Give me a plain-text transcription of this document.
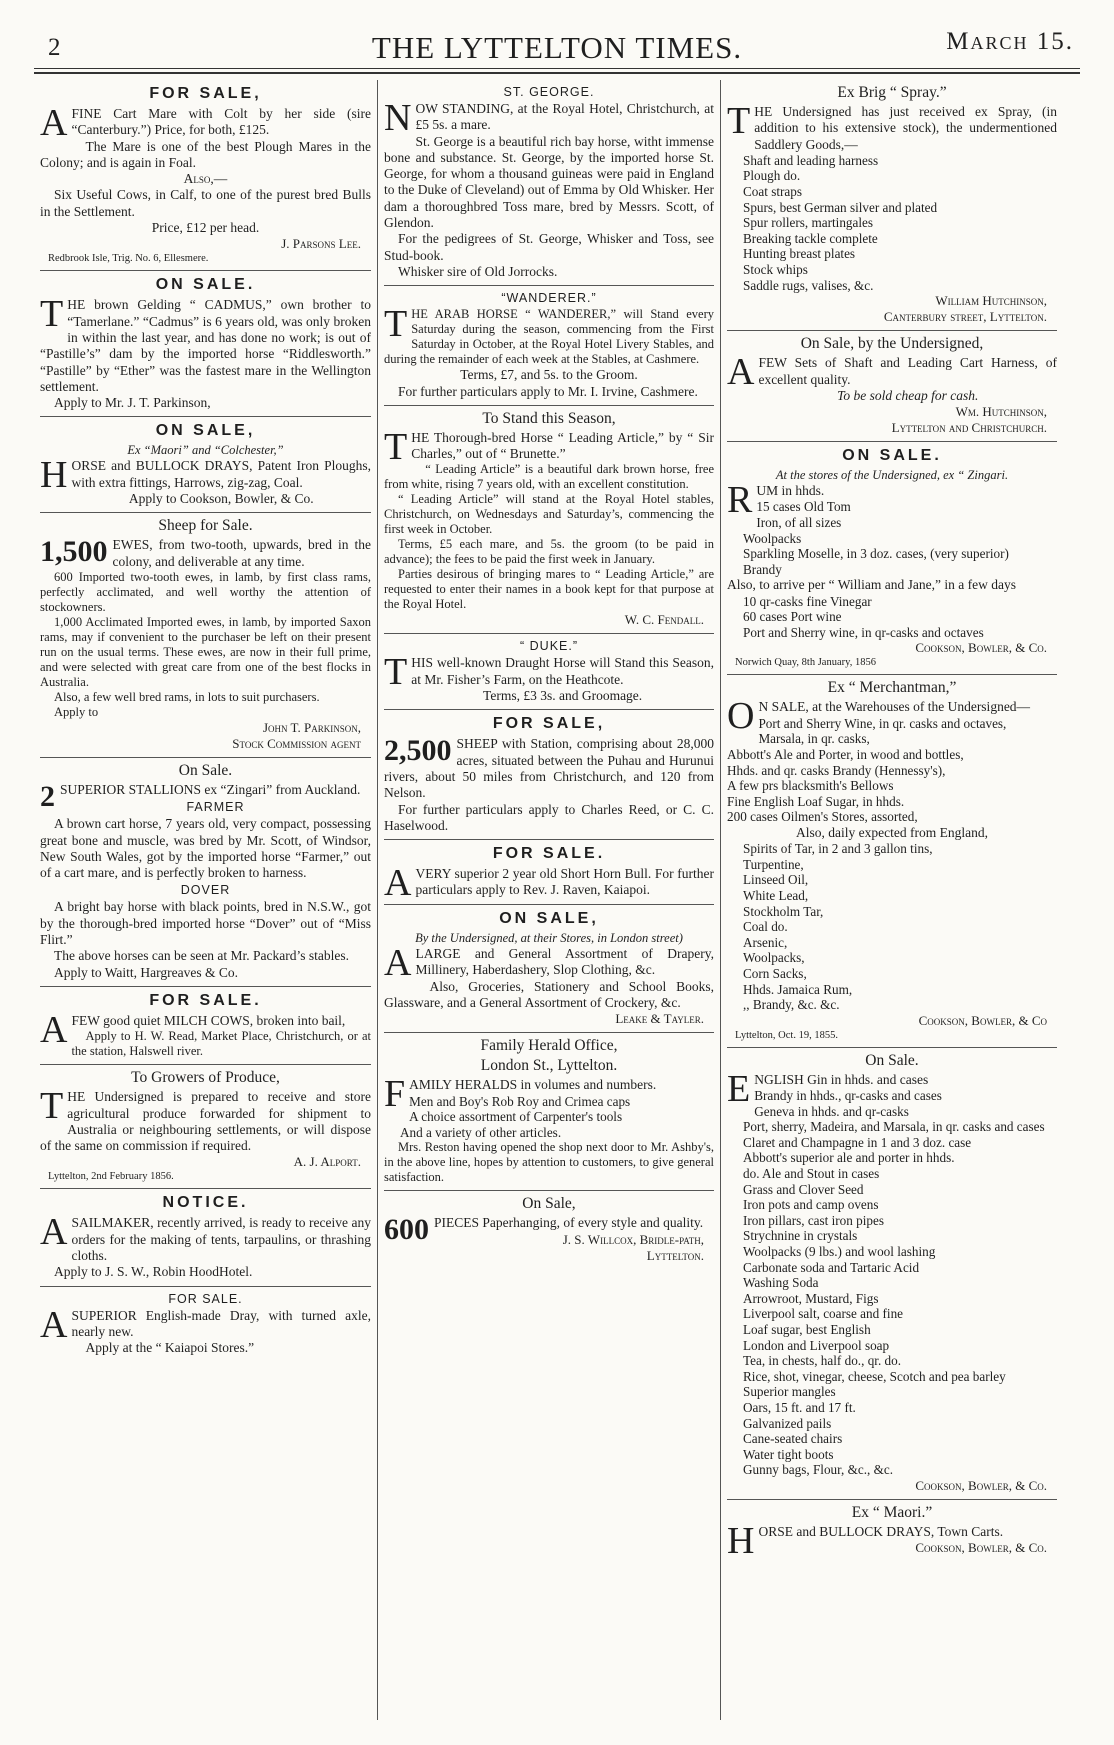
2	THE LYTTELTON TIMES.	March 15.
FOR SALE,

AFINE Cart Mare with Colt by her side (sire “Canterbury.”) Price, for both, £125.

The Mare is one of the best Plough Mares in the Colony; and is again in Foal.

Also,—

Six Useful Cows, in Calf, to one of the purest bred Bulls in the Settlement.

Price, £12 per head.

J. Parsons Lee.
Redbrook Isle, Trig. No. 6, Ellesmere.
ON SALE.

THE brown Gelding “ CADMUS,” own brother to “Tamerlane.” “Cadmus” is 6 years old, was only broken in within the last year, and has done no work; is out of “Pastille’s” dam by the imported horse “Riddlesworth.” “Pastille” by “Ether” was the fastest mare in the Wellington settlement.

Apply to Mr. J. T. Parkinson,

ON SALE,
Ex “Maori” and “Colchester,”

HORSE and BULLOCK DRAYS, Patent Iron Ploughs, with extra fittings, Harrows, zig-zag, Coal.

Apply to Cookson, Bowler, & Co.

Sheep for Sale.

1,500 EWES, from two-tooth, upwards, bred in the colony, and deliverable at any time.

600 Imported two-tooth ewes, in lamb, by first class rams, perfectly acclimated, and well worthy the attention of stockowners.

1,000 Acclimated Imported ewes, in lamb, by imported Saxon rams, may if convenient to the purchaser be left on their present run on the usual terms. These ewes, are now in their full prime, and were selected with great care from one of the best flocks in Australia.

Also, a few well bred rams, in lots to suit purchasers.

Apply to

John T. Parkinson,
Stock Commission agent
On Sale.

2 SUPERIOR STALLIONS ex “Zingari” from Auckland.

FARMER

A brown cart horse, 7 years old, very compact, possessing great bone and muscle, was bred by Mr. Scott, of Windsor, New South Wales, got by the imported horse “Farmer,” out of a cart mare, and is perfectly broken to harness.

DOVER

A bright bay horse with black points, bred in N.S.W., got by the thorough-bred imported horse “Dover” out of “Miss Flirt.”

The above horses can be seen at Mr. Packard’s stables.

Apply to Waitt, Hargreaves & Co.

FOR SALE.

AFEW good quiet MILCH COWS, broken into bail,

Apply to H. W. Read, Market Place, Christchurch, or at the station, Halswell river.

To Growers of Produce,

THE Undersigned is prepared to receive and store agricultural produce forwarded for shipment to Australia or neighbouring settlements, or will dispose of the same on commission if required.

A. J. Alport.
Lyttelton, 2nd February 1856.
NOTICE.

ASAILMAKER, recently arrived, is ready to receive any orders for the making of tents, tarpaulins, or thrashing cloths.

Apply to J. S. W., Robin HoodHotel.

FOR SALE.

ASUPERIOR English-made Dray, with turned axle, nearly new.

Apply at the “ Kaiapoi Stores.”

ST. GEORGE.

NOW STANDING, at the Royal Hotel, Christchurch, at £5 5s. a mare.

St. George is a beautiful rich bay horse, witht immense bone and substance. St. George, by the imported horse St. George, for whom a thousand guineas were paid in England to the Duke of Cleveland) out of Emma by Old Whisker. Her dam a thoroughbred Toss mare, bred by Messrs. Scott, of Glendon.

For the pedigrees of St. George, Whisker and Toss, see Stud-book.

Whisker sire of Old Jorrocks.

“WANDERER.”

THE ARAB HORSE “ WANDERER,” will Stand every Saturday during the season, commencing from the First Saturday in October, at the Royal Hotel Livery Stables, and during the remainder of each week at the Stables, at Cashmere.

Terms, £7, and 5s. to the Groom.

For further particulars apply to Mr. I. Irvine, Cashmere.

To Stand this Season,

THE Thorough-bred Horse “ Leading Article,” by “ Sir Charles,” out of “ Brunette.”

“ Leading Article” is a beautiful dark brown horse, free from white, rising 7 years old, with an excellent constitution.

“ Leading Article” will stand at the Royal Hotel stables, Christchurch, on Wednesdays and Saturday’s, commencing the first week in October.

Terms, £5 each mare, and 5s. the groom (to be paid in advance); the fees to be paid the first week in January.

Parties desirous of bringing mares to “ Leading Article,” are requested to enter their names in a book kept for that purpose at the Royal Hotel.

W. C. Fendall.
“ DUKE.”

THIS well-known Draught Horse will Stand this Season, at Mr. Fisher’s Farm, on the Heathcote.

Terms, £3 3s. and Groomage.

FOR SALE,

2,500 SHEEP with Station, comprising about 28,000 acres, situated between the Puhau and Hurunui rivers, about 50 miles from Christchurch, and 120 from Nelson.

For further particulars apply to Charles Reed, or C. C. Haselwood.

FOR SALE.

AVERY superior 2 year old Short Horn Bull. For further particulars apply to Rev. J. Raven, Kaiapoi.

ON SALE,
By the Undersigned, at their Stores, in London street)

ALARGE and General Assortment of Drapery, Millinery, Haberdashery, Slop Clothing, &c.

Also, Groceries, Stationery and School Books, Glassware, and a General Assortment of Crockery, &c.

Leake & Tayler.
Family Herald Office,
London St., Lyttelton.

FAMILY HERALDS in volumes and numbers.

Men and Boy's Rob Roy and Crimea caps
A choice assortment of Carpenter's tools
And a variety of other articles.

Mrs. Reston having opened the shop next door to Mr. Ashby's, in the above line, hopes by attention to customers, to give general satisfaction.

On Sale,

600 PIECES Paperhanging, of every style and quality.

J. S. Willcox, Bridle-path,
Lyttelton.
Ex Brig “ Spray.”

THE Undersigned has just received ex Spray, (in addition to his extensive stock), the undermentioned Saddlery Goods,—

Shaft and leading harness
Plough do.
Coat straps
Spurs, best German silver and plated
Spur rollers, martingales
Breaking tackle complete
Hunting breast plates
Stock whips
Saddle rugs, valises, &c.
William Hutchinson,
Canterbury street, Lyttelton.
On Sale, by the Undersigned,

AFEW Sets of Shaft and Leading Cart Harness, of excellent quality.

To be sold cheap for cash.

Wm. Hutchinson,
Lyttelton and Christchurch.
ON SALE.
At the stores of the Undersigned, ex “ Zingari.

RUM in hhds.

15 cases Old Tom
Iron, of all sizes
Woolpacks
Sparkling Moselle, in 3 doz. cases, (very superior)
Brandy

Also, to arrive per “ William and Jane,” in a few days

10 qr-casks fine Vinegar
60 cases Port wine
Port and Sherry wine, in qr-casks and octaves
Cookson, Bowler, & Co.
Norwich Quay, 8th January, 1856
Ex “ Merchantman,”

O N SALE, at the Warehouses of the Undersigned—

Port and Sherry Wine, in qr. casks and octaves,
Marsala, in qr. casks,
Abbott's Ale and Porter, in wood and bottles,
Hhds. and qr. casks Brandy (Hennessy's),
A few prs blacksmith's Bellows
Fine English Loaf Sugar, in hhds.
200 cases Oilmen's Stores, assorted,

Also, daily expected from England,

Spirits of Tar, in 2 and 3 gallon tins,
Turpentine,
Linseed Oil,
White Lead,
Stockholm Tar,
Coal do.
Arsenic,
Woolpacks,
Corn Sacks,
Hhds. Jamaica Rum,
,, Brandy, &c. &c.
Cookson, Bowler, & Co
Lyttelton, Oct. 19, 1855.
On Sale.

ENGLISH Gin in hhds. and cases

Brandy in hhds., qr-casks and cases
Geneva in hhds. and qr-casks
Port, sherry, Madeira, and Marsala, in qr. casks and cases
Claret and Champagne in 1 and 3 doz. case
Abbott's superior ale and porter in hhds.
do. Ale and Stout in cases
Grass and Clover Seed
Iron pots and camp ovens
Iron pillars, cast iron pipes
Strychnine in crystals
Woolpacks (9 lbs.) and wool lashing
Carbonate soda and Tartaric Acid
Washing Soda
Arrowroot, Mustard, Figs
Liverpool salt, coarse and fine
Loaf sugar, best English
London and Liverpool soap
Tea, in chests, half do., qr. do.
Rice, shot, vinegar, cheese, Scotch and pea barley
Superior mangles
Oars, 15 ft. and 17 ft.
Galvanized pails
Cane-seated chairs
Water tight boots
Gunny bags, Flour, &c., &c.
Cookson, Bowler, & Co.
Ex “ Maori.”

HORSE and BULLOCK DRAYS, Town Carts.

Cookson, Bowler, & Co.
